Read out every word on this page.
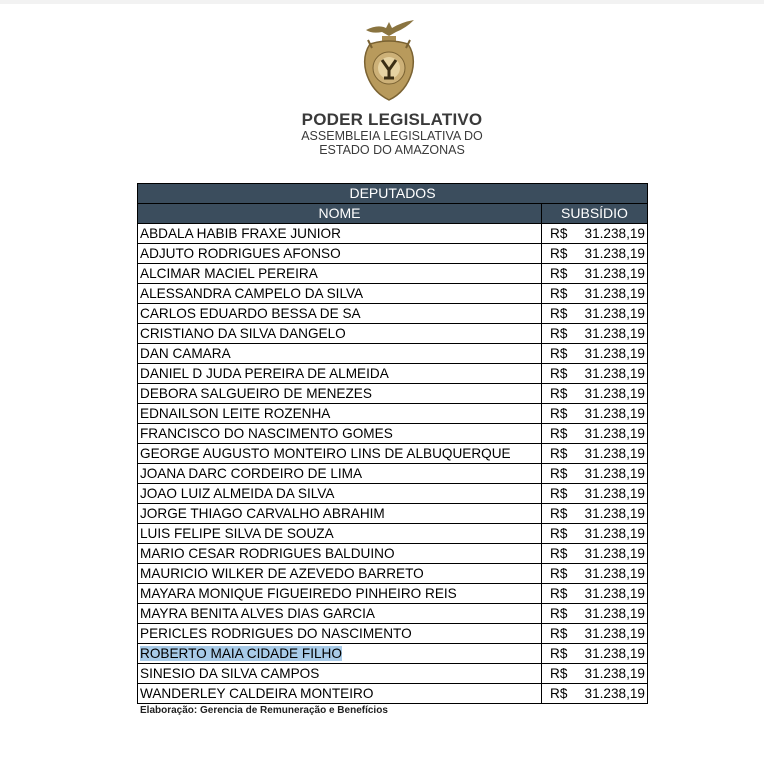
PODER LEGISLATIVO
ASSEMBLEIA LEGISLATIVA DO
ESTADO DO AMAZONAS
DEPUTADOS	
NOME	SUBSÍDIO
ABDALA HABIB FRAXE JUNIOR	R$ 31.238,19
ADJUTO RODRIGUES AFONSO	R$ 31.238,19
ALCIMAR MACIEL PEREIRA	R$ 31.238,19
ALESSANDRA CAMPELO DA SILVA	R$ 31.238,19
CARLOS EDUARDO BESSA DE SA	R$ 31.238,19
CRISTIANO DA SILVA DANGELO	R$ 31.238,19
DAN CAMARA	R$ 31.238,19
DANIEL D JUDA PEREIRA DE ALMEIDA	R$ 31.238,19
DEBORA SALGUEIRO DE MENEZES	R$ 31.238,19
EDNAILSON LEITE ROZENHA	R$ 31.238,19
FRANCISCO DO NASCIMENTO GOMES	R$ 31.238,19
GEORGE AUGUSTO MONTEIRO LINS DE ALBUQUERQUE	R$ 31.238,19
JOANA DARC CORDEIRO DE LIMA	R$ 31.238,19
JOAO LUIZ ALMEIDA DA SILVA	R$ 31.238,19
JORGE THIAGO CARVALHO ABRAHIM	R$ 31.238,19
LUIS FELIPE SILVA DE SOUZA	R$ 31.238,19
MARIO CESAR RODRIGUES BALDUINO	R$ 31.238,19
MAURICIO WILKER DE AZEVEDO BARRETO	R$ 31.238,19
MAYARA MONIQUE FIGUEIREDO PINHEIRO REIS	R$ 31.238,19
MAYRA BENITA ALVES DIAS GARCIA	R$ 31.238,19
PERICLES RODRIGUES DO NASCIMENTO	R$ 31.238,19
ROBERTO MAIA CIDADE FILHO	R$ 31.238,19
SINESIO DA SILVA CAMPOS	R$ 31.238,19
WANDERLEY CALDEIRA MONTEIRO	R$ 31.238,19
Elaboração: Gerencia de Remuneração e Benefícios
